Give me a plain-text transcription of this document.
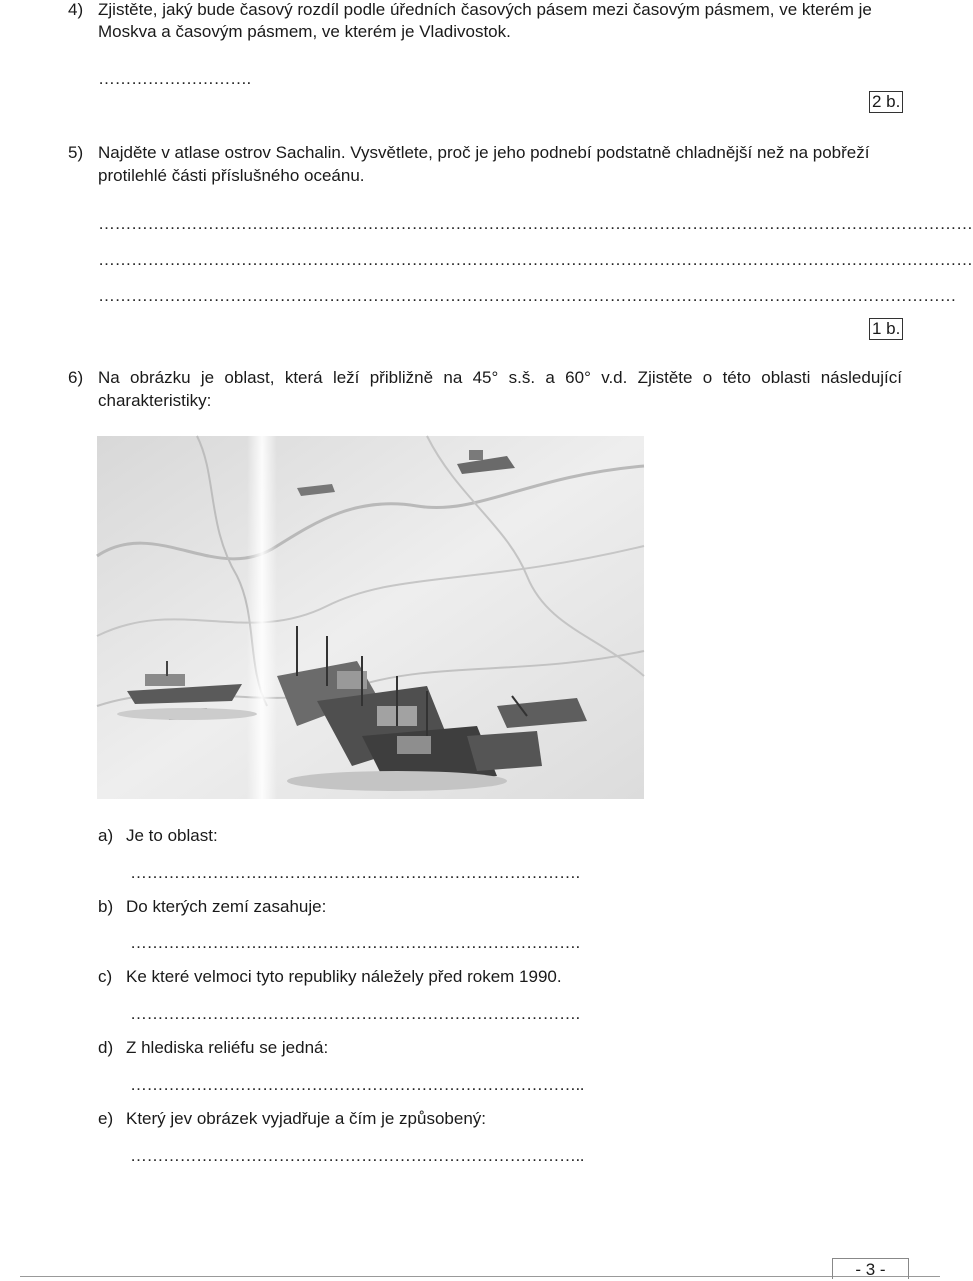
4) Zjistěte, jaký bude časový rozdíl podle úředních časových pásem mezi časovým pásmem, ve kterém je
Moskva a časovým pásmem, ve kterém je Vladivostok.
……………………….
2 b.
5) Najděte v atlase ostrov Sachalin. Vysvětlete, proč je jeho podnebí podstatně chladnější než na pobřeží
protilehlé části příslušného oceánu.
……………………………………………………………………………………………………………………………………………
……………………………………………………………………………………………………………………………………………
…………………………………………………………………………………………………………………………………………
1 b.
6) Na obrázku je oblast, která leží přibližně na 45° s.š. a 60° v.d. Zjistěte o této oblasti následující
charakteristiky:
a) Je to oblast:
……………………………………………………………………….
b) Do kterých zemí zasahuje:
……………………………………………………………………….
c) Ke které velmoci tyto republiky náležely před rokem 1990.
……………………………………………………………………….
d) Z hlediska reliéfu se jedná:
………………………………………………………………………..
e) Který jev obrázek vyjadřuje a čím je způsobený:
………………………………………………………………………..
- 3 -
